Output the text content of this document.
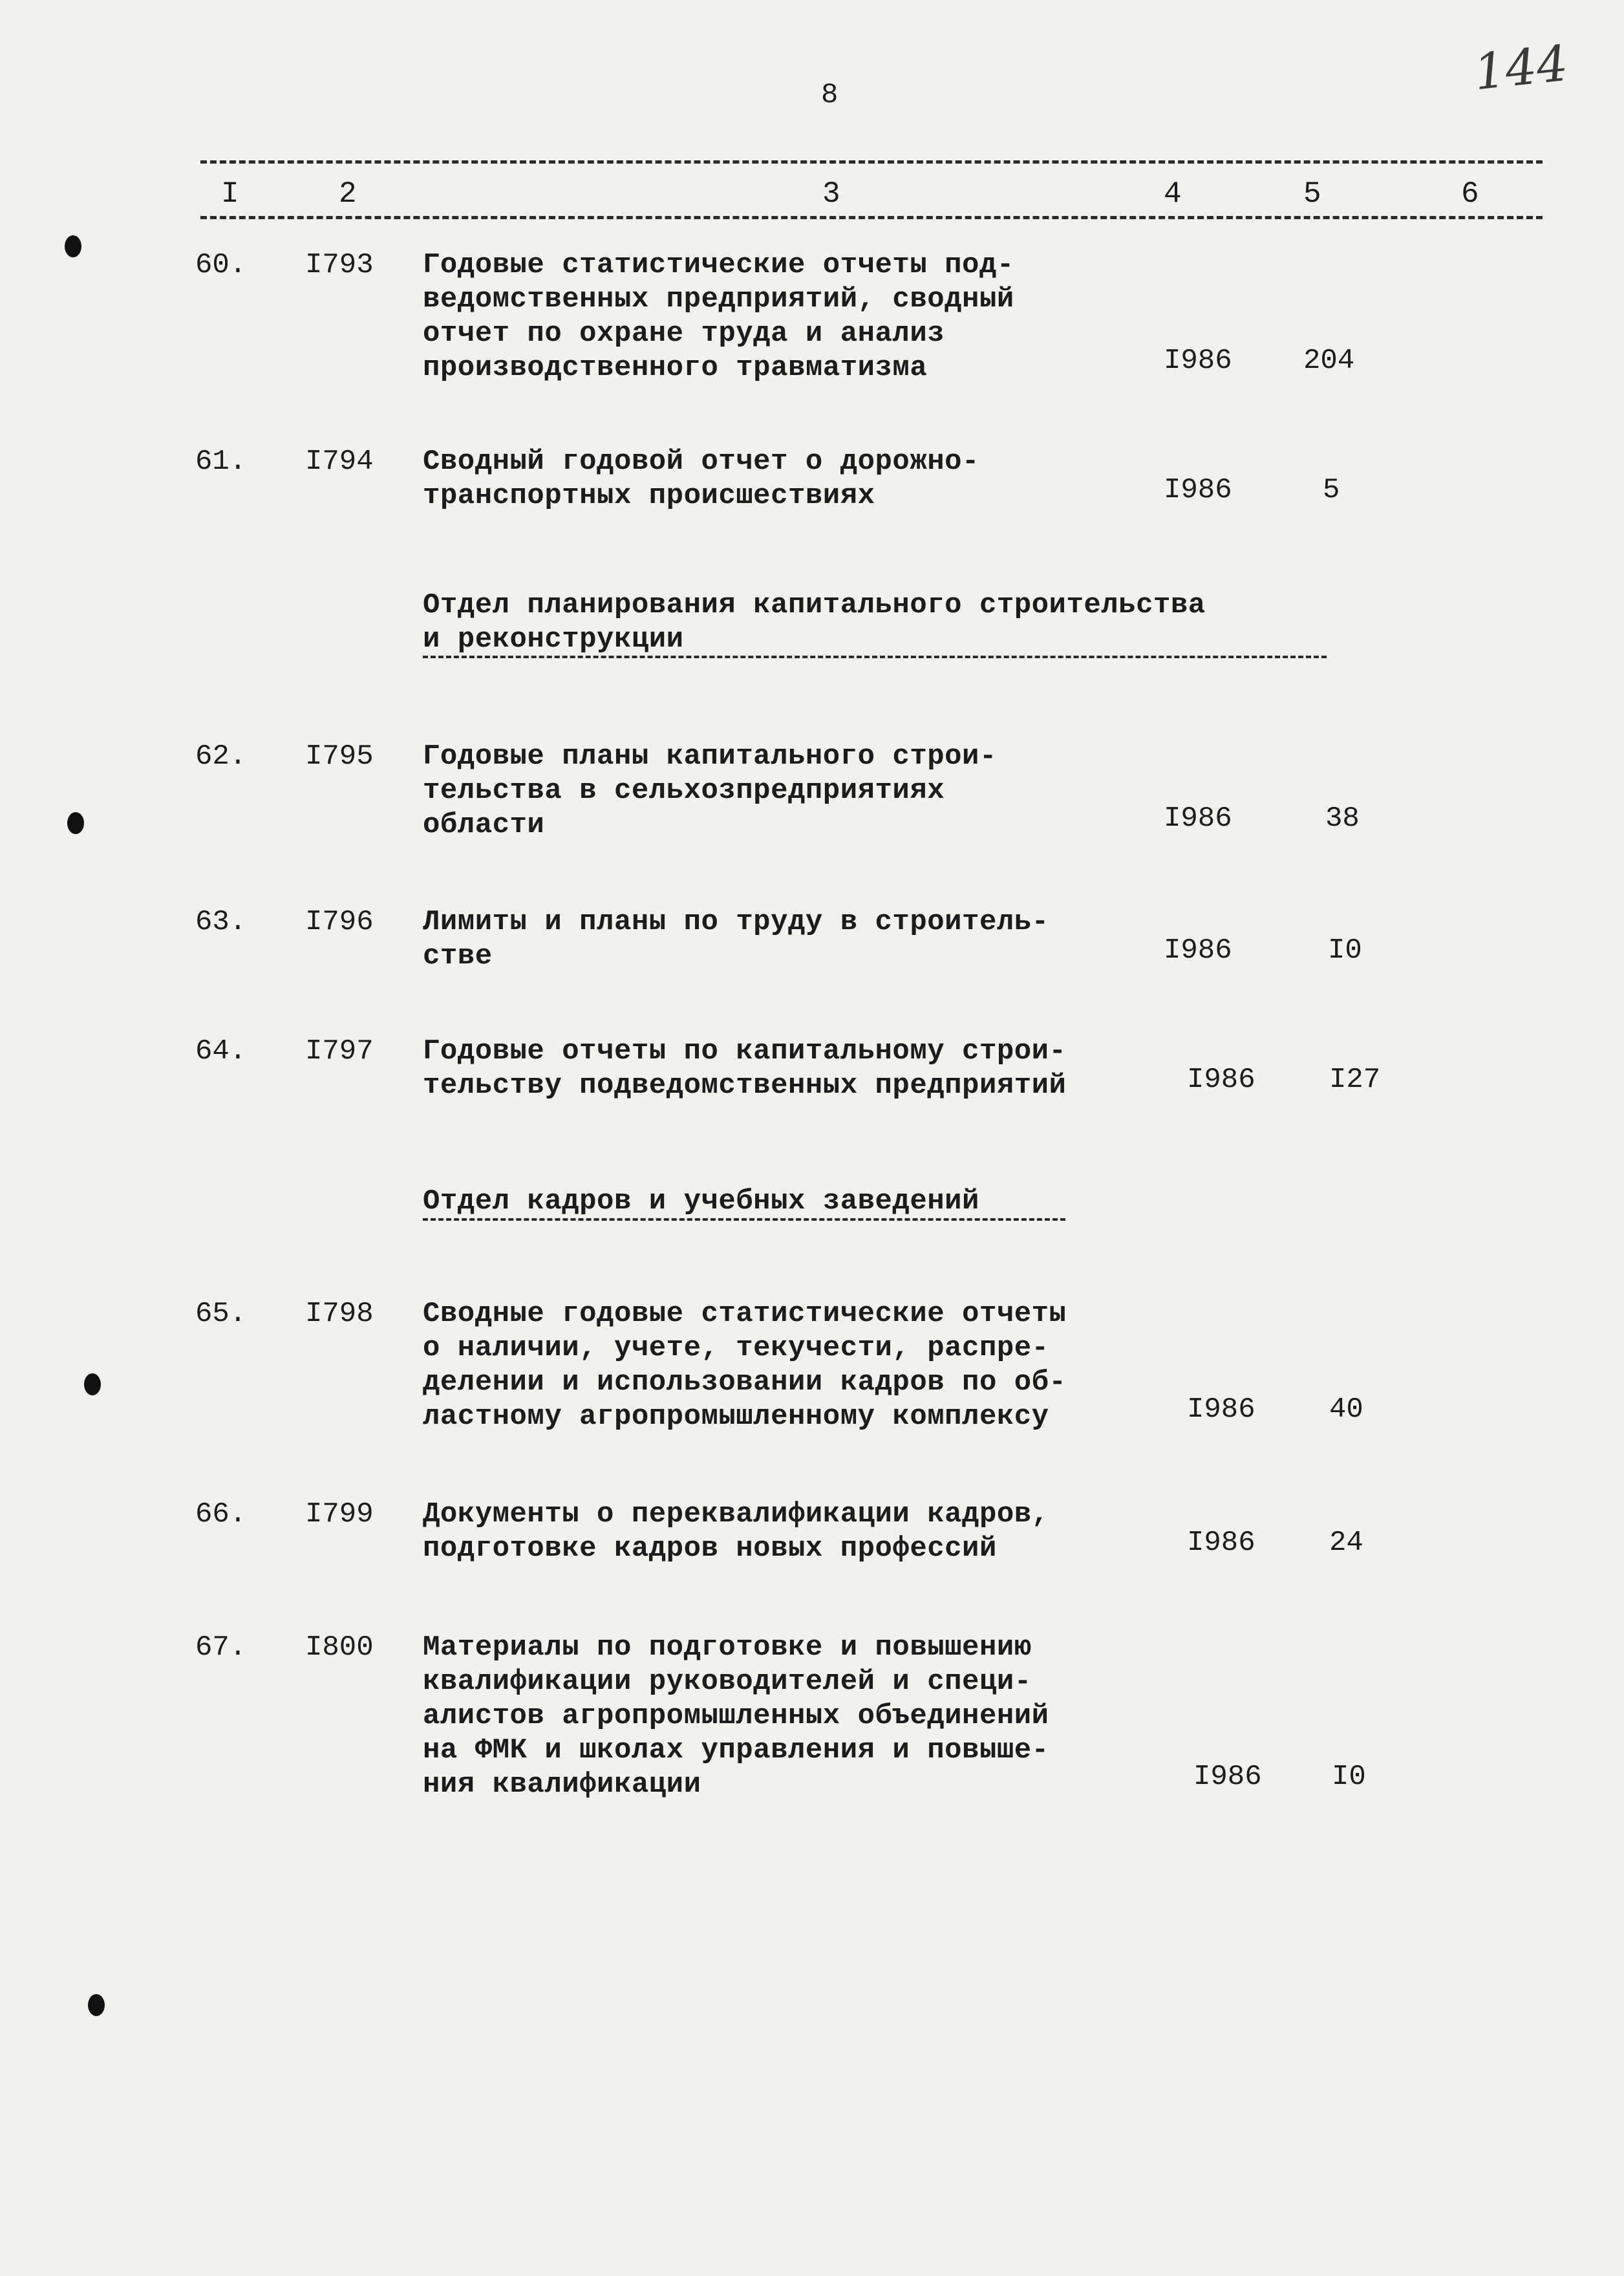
8	144
I	2	3	4	5	6
60.	I793	Годовые статистические отчеты под-
ведомственных предприятий, сводный
отчет по охране труда и анализ
производственного травматизма	I986	204
61.	I794	Сводный годовой отчет о дорожно-
транспортных происшествиях	I986	5
Отдел планирования капитального строительства
и реконструкции
62.	I795	Годовые планы капитального строи-
тельства в сельхозпредприятиях
области	I986	38
63.	I796	Лимиты и планы по труду в строитель-
стве	I986	I0
64.	I797	Годовые отчеты по капитальному строи-
тельству подведомственных предприятий	I986	I27
Отдел кадров и учебных заведений
65.	I798	Сводные годовые статистические отчеты
о наличии, учете, текучести, распре-
делении и использовании кадров по об-
ластному агропромышленному комплексу	I986	40
66.	I799	Документы о переквалификации кадров,
подготовке кадров новых профессий	I986	24
67.	I800	Материалы по подготовке и повышению
квалификации руководителей и специ-
алистов агропромышленных объединений
на ФМК и школах управления и повыше-
ния квалификации	I986	I0
